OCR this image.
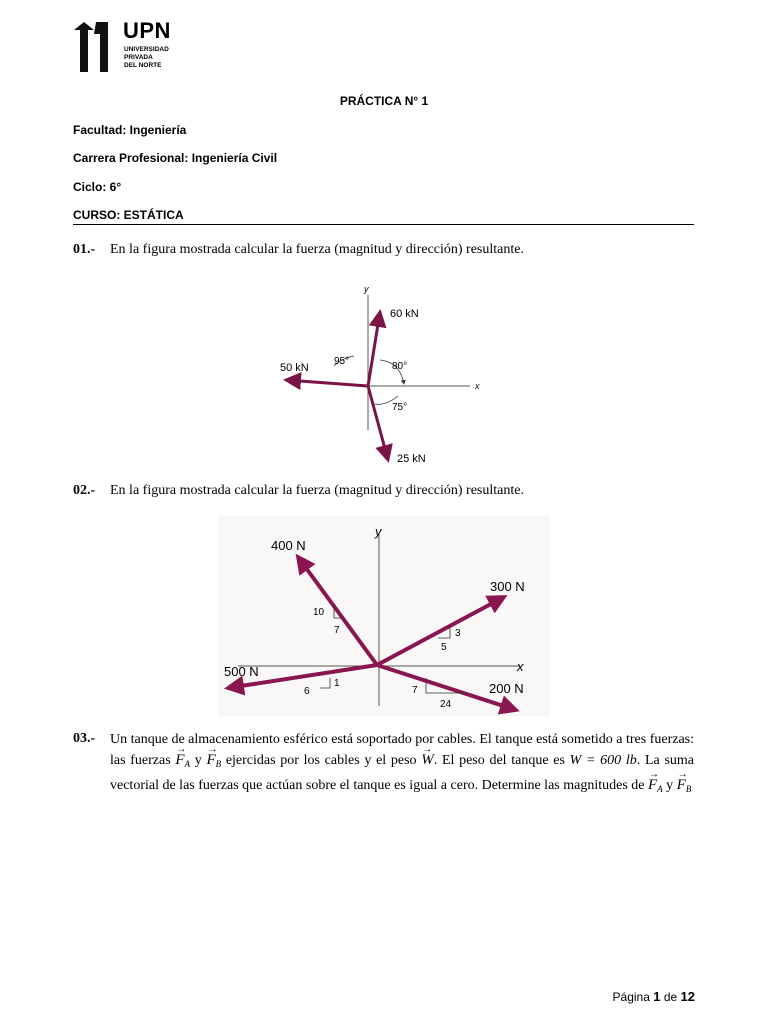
UPN
UNIVERSIDAD
PRIVADA
DEL NORTE
PRÁCTICA N° 1
Facultad: Ingeniería
Carrera Profesional: Ingeniería Civil
Ciclo: 6°
CURSO: ESTÁTICA
01.- En la figura mostrada calcular la fuerza (magnitud y dirección) resultante.
y
x
60 kN
50 kN
25 kN
95°	80°
75°
02.- En la figura mostrada calcular la fuerza (magnitud y dirección) resultante.
y
x
400 N
300 N
500 N
200 N
10
7	3
5
6
1
7
24
03.- Un tanque de almacenamiento esférico está soportado por cables. El tanque está sometido a tres fuerzas: las fuerzas → $F_A$ $y \to F_B$ ejercidas por los cables y el peso → W. El peso del tanque es W = 600 lb. La suma vectorial de las fuerzas que actúan sobre el tanque es igual a cero. Determine las magnitudes de → $F_A$ $y \to F_B$
Página 1 de 12
